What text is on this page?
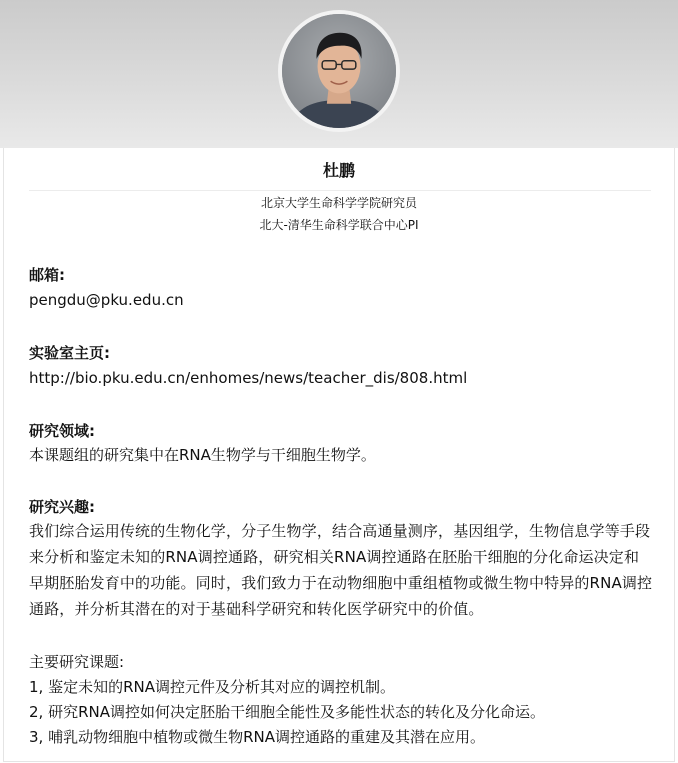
杜鹏
北京大学生命科学学院研究员
北大-清华生命科学联合中心PI
邮箱:
pengdu@pku.edu.cn
实验室主页:
http://bio.pku.edu.cn/enhomes/news/teacher_dis/808.html
研究领域:
本课题组的研究集中在RNA生物学与干细胞生物学。
研究兴趣:
我们综合运用传统的生物化学，分子生物学，结合高通量测序，基因组学，生物信息学等手段来分析和鉴定未知的RNA调控通路，研究相关RNA调控通路在胚胎干细胞的分化命运决定和早期胚胎发育中的功能。同时，我们致力于在动物细胞中重组植物或微生物中特异的RNA调控通路，并分析其潜在的对于基础科学研究和转化医学研究中的价值。
主要研究课题:
1, 鉴定未知的RNA调控元件及分析其对应的调控机制。
2, 研究RNA调控如何决定胚胎干细胞全能性及多能性状态的转化及分化命运。
3, 哺乳动物细胞中植物或微生物RNA调控通路的重建及其潜在应用。
